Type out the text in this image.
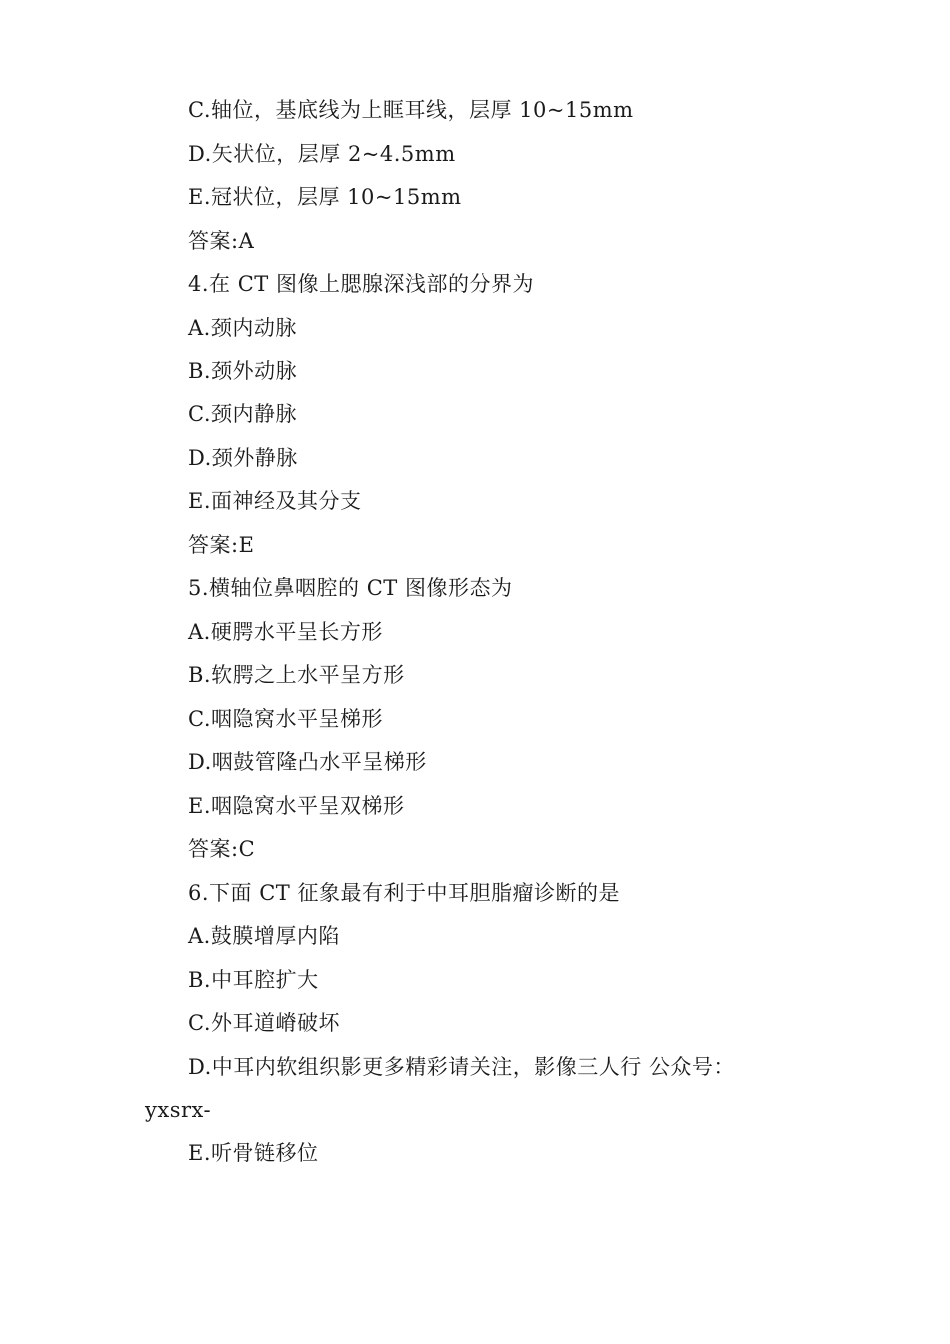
C.轴位，基底线为上眶耳线，层厚 10~15mm
D.矢状位，层厚 2~4.5mm
E.冠状位，层厚 10~15mm
答案:A
4.在 CT 图像上腮腺深浅部的分界为
A.颈内动脉
B.颈外动脉
C.颈内静脉
D.颈外静脉
E.面神经及其分支
答案:E
5.横轴位鼻咽腔的 CT 图像形态为
A.硬腭水平呈长方形
B.软腭之上水平呈方形
C.咽隐窝水平呈梯形
D.咽鼓管隆凸水平呈梯形
E.咽隐窝水平呈双梯形
答案:C
6.下面 CT 征象最有利于中耳胆脂瘤诊断的是
A.鼓膜增厚内陷
B.中耳腔扩大
C.外耳道嵴破坏
D.中耳内软组织影更多精彩请关注，影像三人行 公众号：
yxsrx-
E.听骨链移位
